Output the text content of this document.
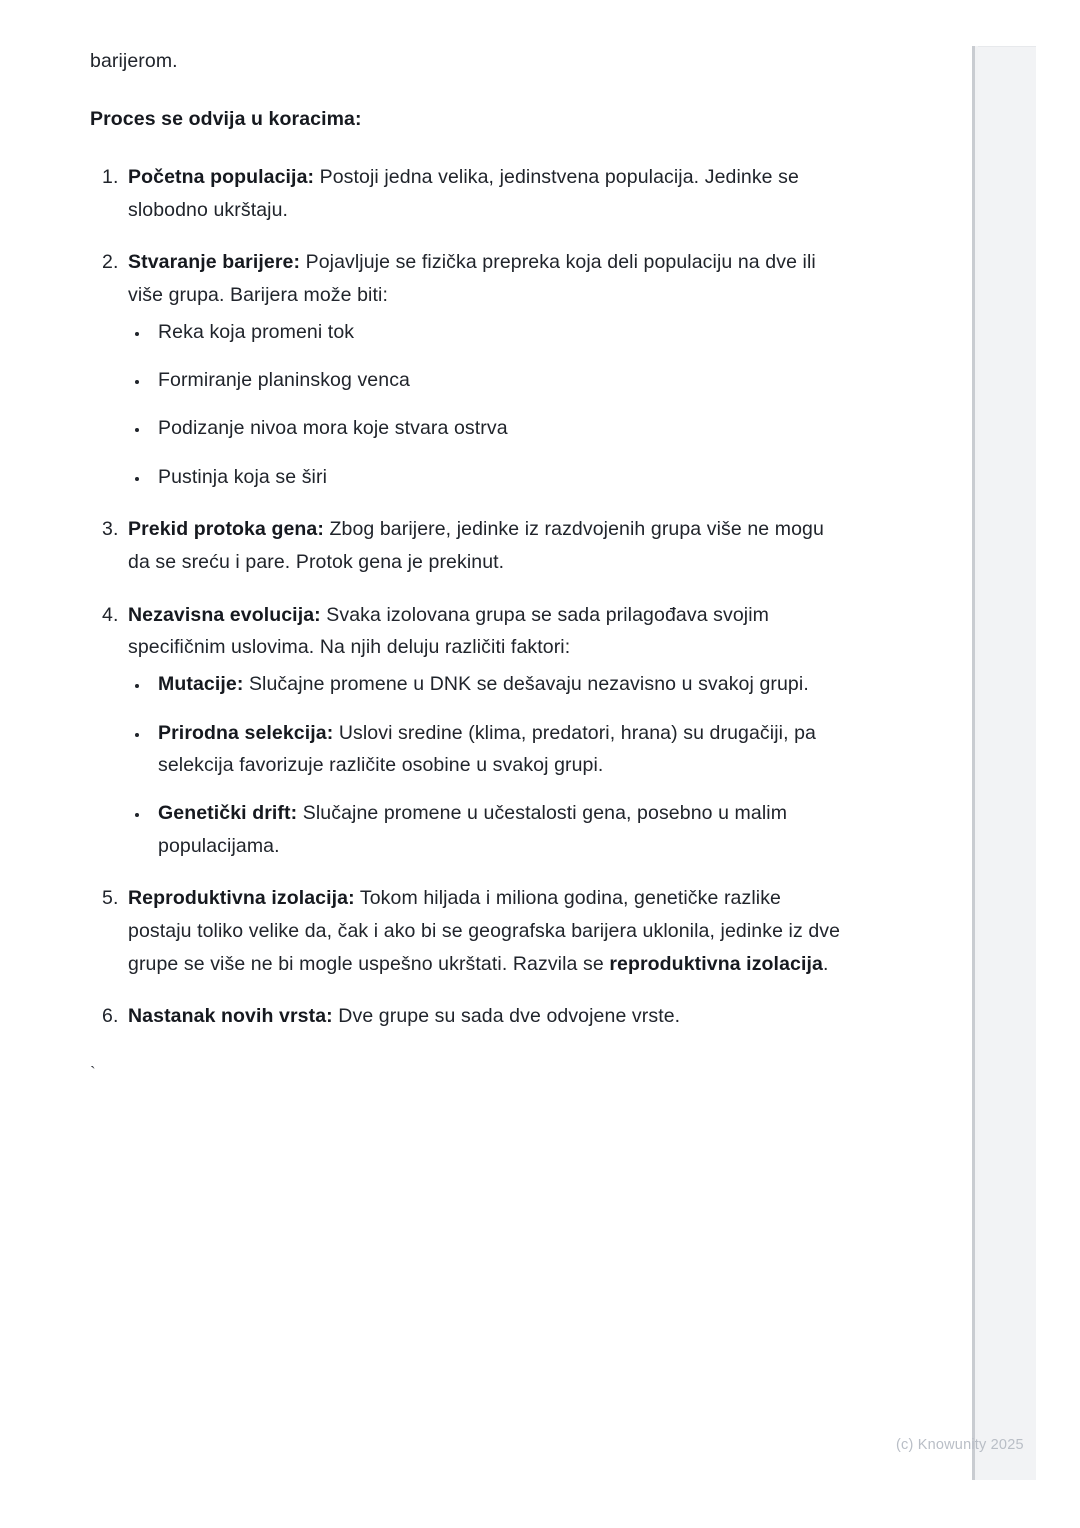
barijerom.

Proces se odvija u koracima:

1. Početna populacija: Postoji jedna velika, jedinstvena populacija. Jedinke se slobodno ukrštaju.
2. Stvaranje barijere: Pojavljuje se fizička prepreka koja deli populaciju na dve ili više grupa. Barijera može biti:
• Reka koja promeni tok
• Formiranje planinskog venca
• Podizanje nivoa mora koje stvara ostrva
• Pustinja koja se širi
3. Prekid protoka gena: Zbog barijere, jedinke iz razdvojenih grupa više ne mogu da se sreću i pare. Protok gena je prekinut.
4. Nezavisna evolucija: Svaka izolovana grupa se sada prilagođava svojim specifičnim uslovima. Na njih deluju različiti faktori:
• Mutacije: Slučajne promene u DNK se dešavaju nezavisno u svakoj grupi.
• Prirodna selekcija: Uslovi sredine (klima, predatori, hrana) su drugačiji, pa selekcija favorizuje različite osobine u svakoj grupi.
• Genetički drift: Slučajne promene u učestalosti gena, posebno u malim populacijama.
5. Reproduktivna izolacija: Tokom hiljada i miliona godina, genetičke razlike postaju toliko velike da, čak i ako bi se geografska barijera uklonila, jedinke iz dve grupe se više ne bi mogle uspešno ukrštati. Razvila se reproduktivna izolacija.
6. Nastanak novih vrsta: Dve grupe su sada dve odvojene vrste.
`
(c) Knowunity 2025
